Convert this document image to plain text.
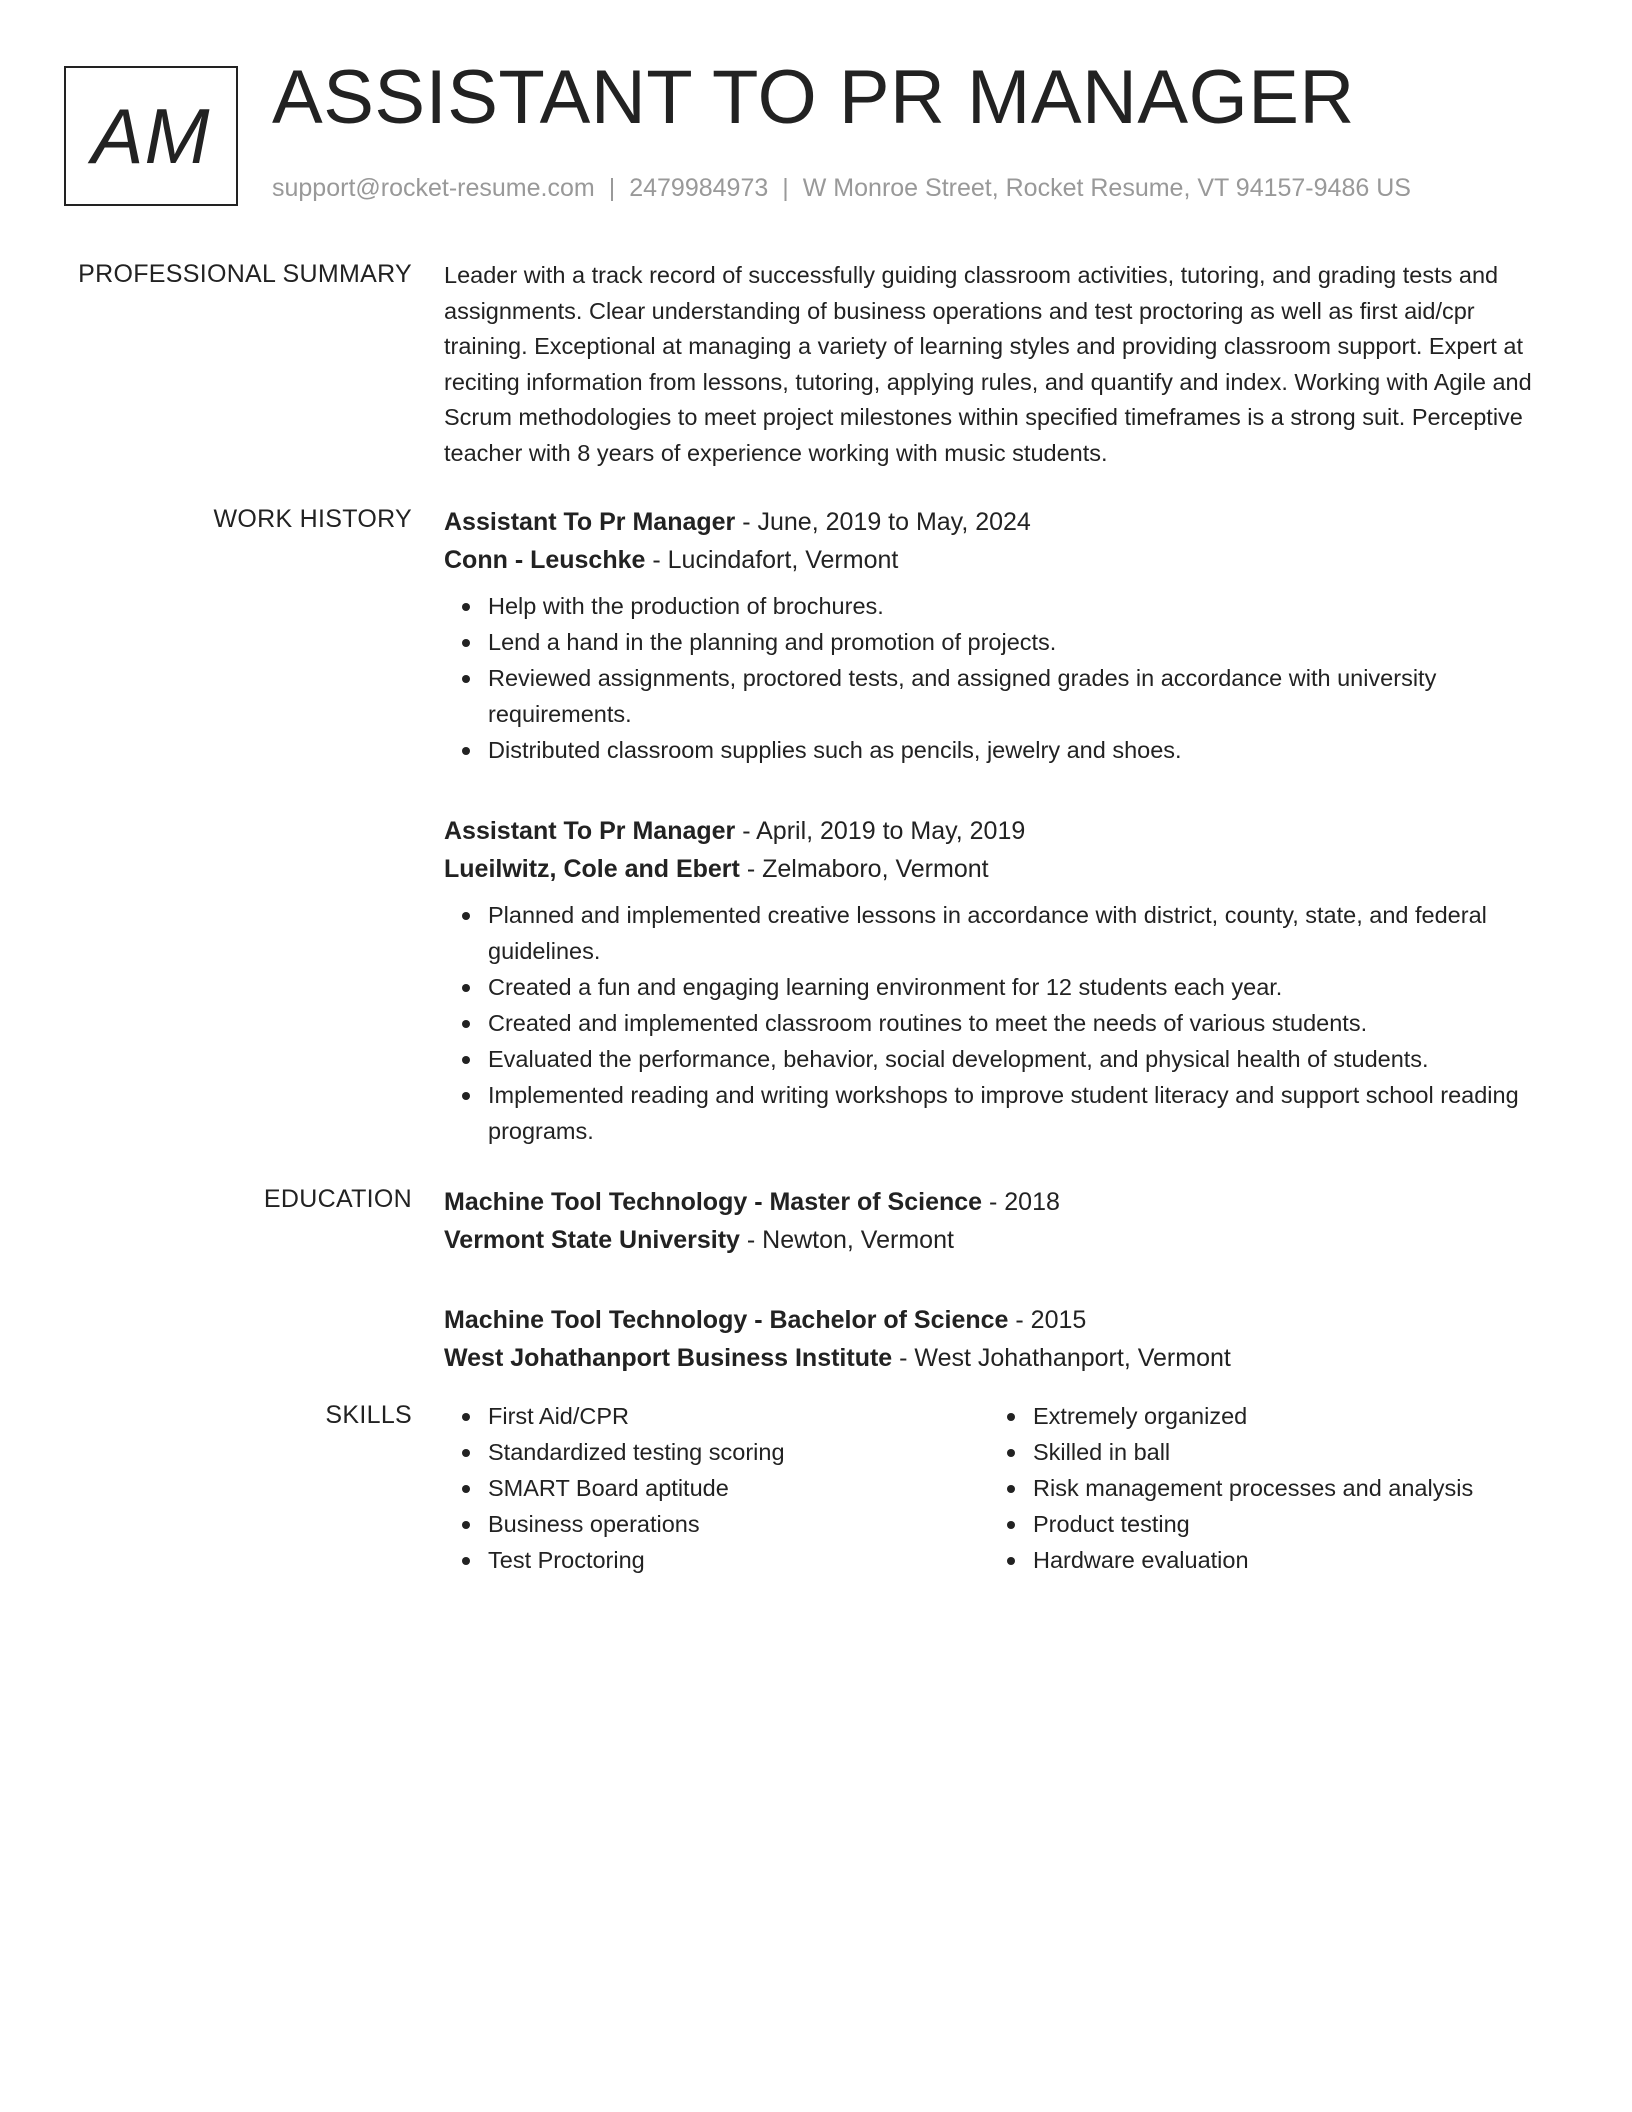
AM ASSISTANT TO PR MANAGER
support@rocket-resume.com | 2479984973 | W Monroe Street, Rocket Resume, VT 94157-9486 US
PROFESSIONAL SUMMARY Leader with a track record of successfully guiding classroom activities, tutoring, and grading tests and assignments. Clear understanding of business operations and test proctoring as well as first aid/cpr training. Exceptional at managing a variety of learning styles and providing classroom support. Expert at reciting information from lessons, tutoring, applying rules, and quantify and index. Working with Agile and Scrum methodologies to meet project milestones within specified timeframes is a strong suit. Perceptive teacher with 8 years of experience working with music students.

WORK HISTORY Assistant To Pr Manager - June, 2019 to May, 2024
Conn - Leuschke - Lucindafort, Vermont
Help with the production of brochures.
Lend a hand in the planning and promotion of projects.
Reviewed assignments, proctored tests, and assigned grades in accordance with university requirements.
Distributed classroom supplies such as pencils, jewelry and shoes.
Assistant To Pr Manager - April, 2019 to May, 2019
Lueilwitz, Cole and Ebert - Zelmaboro, Vermont
Planned and implemented creative lessons in accordance with district, county, state, and federal guidelines.
Created a fun and engaging learning environment for 12 students each year.
Created and implemented classroom routines to meet the needs of various students.
Evaluated the performance, behavior, social development, and physical health of students.
Implemented reading and writing workshops to improve student literacy and support school reading programs.
EDUCATION Machine Tool Technology - Master of Science - 2018
Vermont State University - Newton, Vermont
Machine Tool Technology - Bachelor of Science - 2015
West Johathanport Business Institute - West Johathanport, Vermont
SKILLS	First Aid/CPR
Standardized testing scoring
SMART Board aptitude
Business operations
Test Proctoring
Extremely organized
Skilled in ball
Risk management processes and analysis
Product testing
Hardware evaluation
